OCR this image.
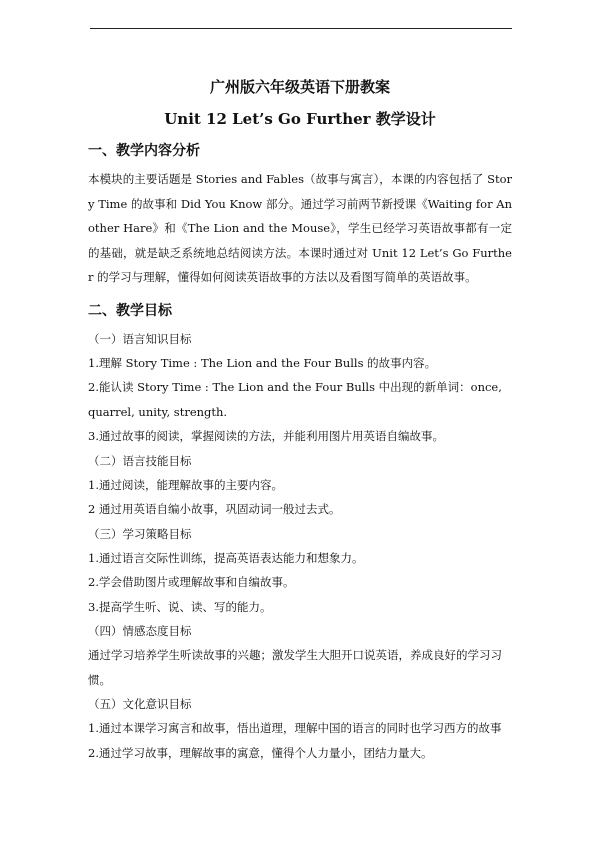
广州版六年级英语下册教案
Unit 12 Let’s Go Further 教学设计
一、教学内容分析

本模块的主要话题是 Stories and Fables（故事与寓言），本课的内容包括了 Story Time 的故事和 Did You Know 部分。通过学习前两节新授课《Waiting for Another Hare》和《The Lion and the Mouse》，学生已经学习英语故事都有一定的基础，就是缺乏系统地总结阅读方法。本课时通过对 Unit 12 Let’s Go Further 的学习与理解，懂得如何阅读英语故事的方法以及看图写简单的英语故事。

二、教学目标
（一）语言知识目标

1.理解 Story Time : The Lion and the Four Bulls 的故事内容。

2.能认读 Story Time : The Lion and the Four Bulls 中出现的新单词：once, quarrel, unity, strength.

3.通过故事的阅读，掌握阅读的方法，并能利用图片用英语自编故事。

（二）语言技能目标

1.通过阅读，能理解故事的主要内容。

2 通过用英语自编小故事，巩固动词一般过去式。

（三）学习策略目标

1.通过语言交际性训练，提高英语表达能力和想象力。

2.学会借助图片或理解故事和自编故事。

3.提高学生听、说、读、写的能力。

（四）情感态度目标

通过学习培养学生听读故事的兴趣；激发学生大胆开口说英语，养成良好的学习习惯。

（五）文化意识目标

1.通过本课学习寓言和故事，悟出道理，理解中国的语言的同时也学习西方的故事

2.通过学习故事，理解故事的寓意，懂得个人力量小，团结力量大。
